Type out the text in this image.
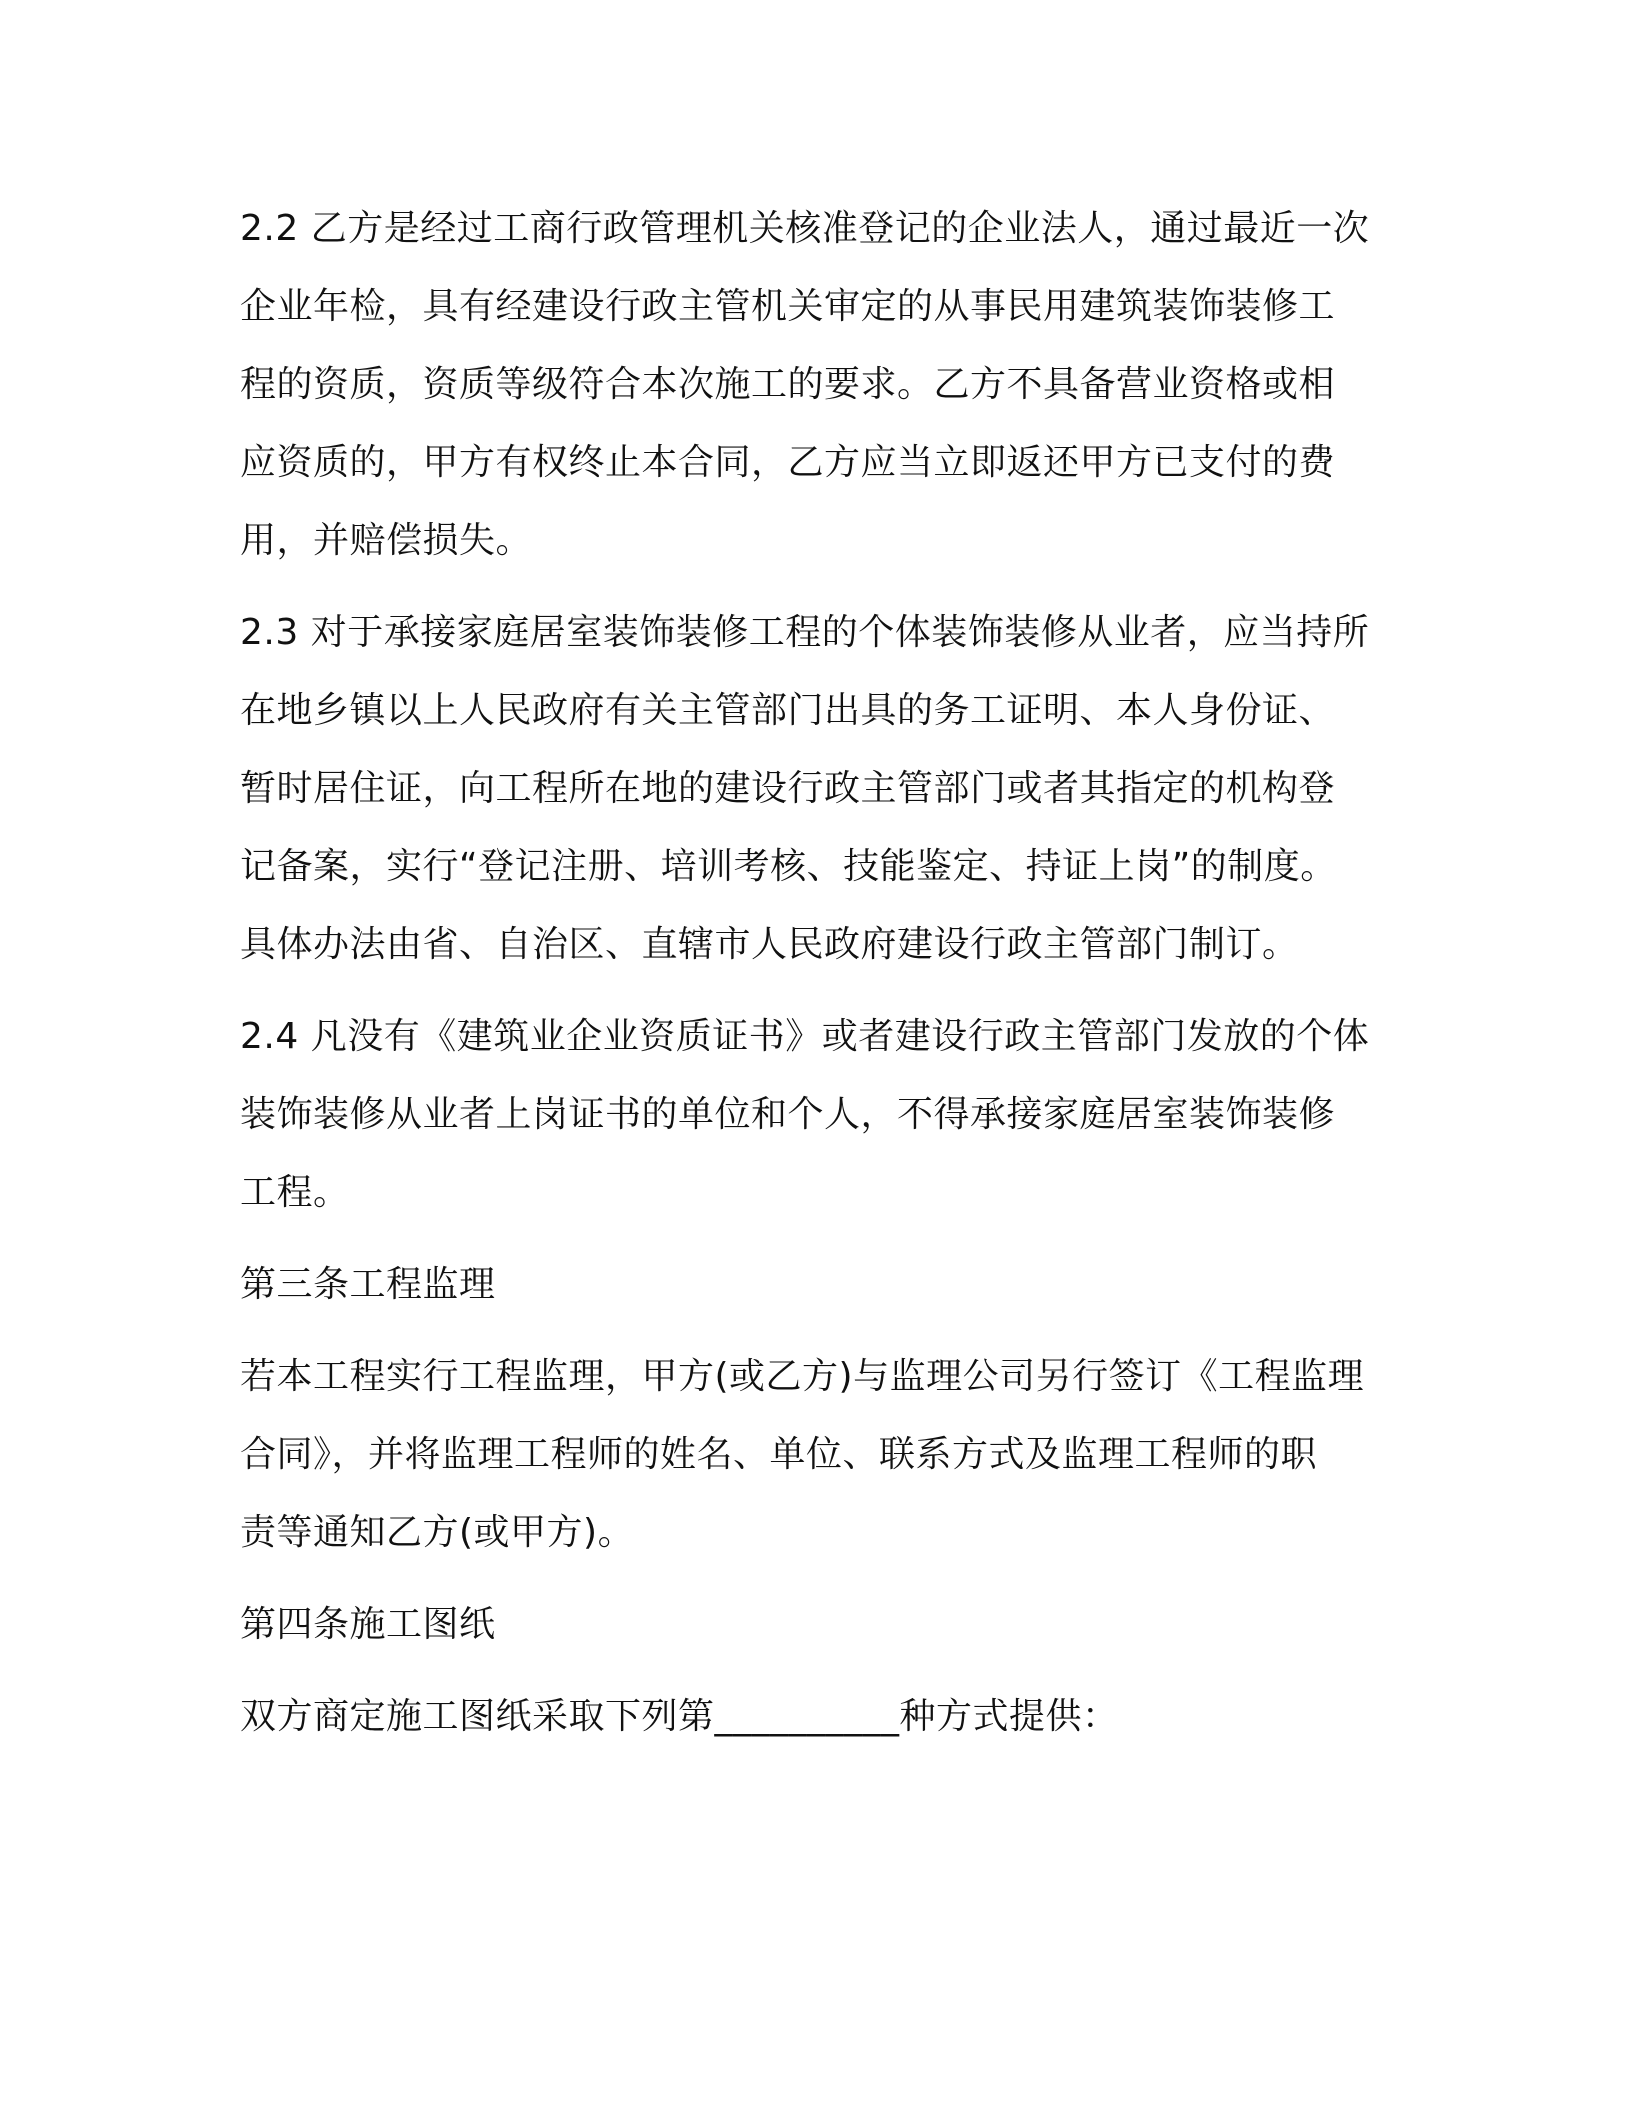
2.2 乙方是经过工商行政管理机关核准登记的企业法人，通过最近一次
企业年检，具有经建设行政主管机关审定的从事民用建筑装饰装修工
程的资质，资质等级符合本次施工的要求。乙方不具备营业资格或相
应资质的，甲方有权终止本合同，乙方应当立即返还甲方已支付的费
用，并赔偿损失。
2.3 对于承接家庭居室装饰装修工程的个体装饰装修从业者，应当持所
在地乡镇以上人民政府有关主管部门出具的务工证明、本人身份证、
暂时居住证，向工程所在地的建设行政主管部门或者其指定的机构登
记备案，实行“登记注册、培训考核、技能鉴定、持证上岗”的制度。
具体办法由省、自治区、直辖市人民政府建设行政主管部门制订。
2.4 凡没有《建筑业企业资质证书》或者建设行政主管部门发放的个体
装饰装修从业者上岗证书的单位和个人，不得承接家庭居室装饰装修
工程。
第三条工程监理
若本工程实行工程监理，甲方(或乙方)与监理公司另行签订《工程监理
合同》，并将监理工程师的姓名、单位、联系方式及监理工程师的职
责等通知乙方(或甲方)。
第四条施工图纸
双方商定施工图纸采取下列第__________种方式提供：
